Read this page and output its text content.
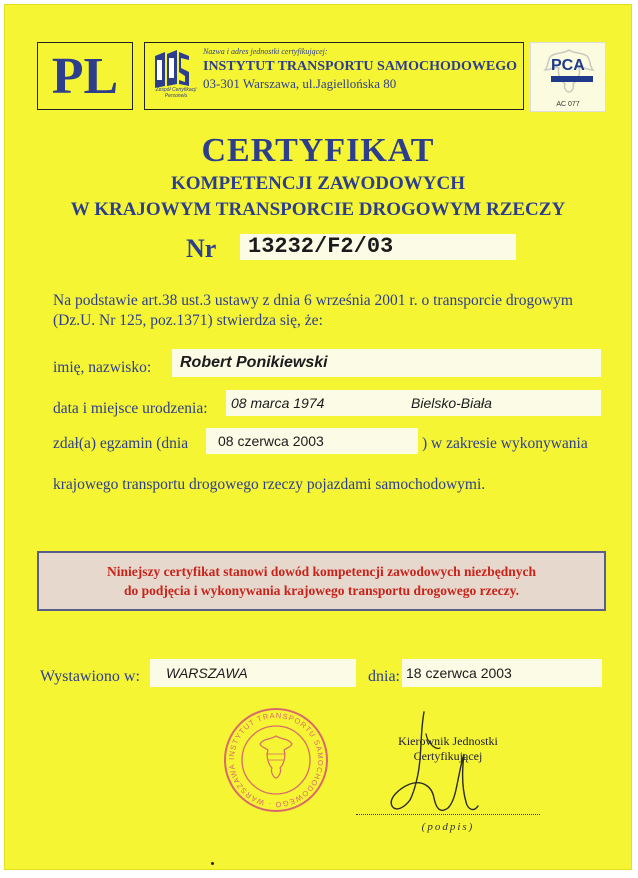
PL	Zespół Certyfikacji Personelu
Nazwa i adres jednostki certyfikującej:
INSTYTUT TRANSPORTU SAMOCHODOWEGO
03-301 Warszawa, ul.Jagiellońska 80
PCA
AC 077
CERTYFIKAT
KOMPETENCJI ZAWODOWYCH
W KRAJOWYM TRANSPORCIE DROGOWYM RZECZY
Nr	13232/F2/03
Na podstawie art.38 ust.3 ustawy z dnia 6 września 2001 r. o transporcie drogowym
(Dz.U. Nr 125, poz.1371) stwierdza się, że:
imię, nazwisko:	Robert Ponikiewski
data i miejsce urodzenia: 08 marca 1974	Bielsko-Biała
zdał(a) egzamin (dnia	08 czerwca 2003	) w zakresie wykonywania
krajowego transportu drogowego rzeczy pojazdami samochodowymi.
Niniejszy certyfikat stanowi dowód kompetencji zawodowych niezbędnych
do podjęcia i wykonywania krajowego transportu drogowego rzeczy.
Wystawiono w:	WARSZAWA	dnia: 18 czerwca 2003
INSTYTUT TRANSPORTU SAMOCHODOWEGO · WARSZAWA
Kierownik Jednostki
Certyfikującej
(podpis)
